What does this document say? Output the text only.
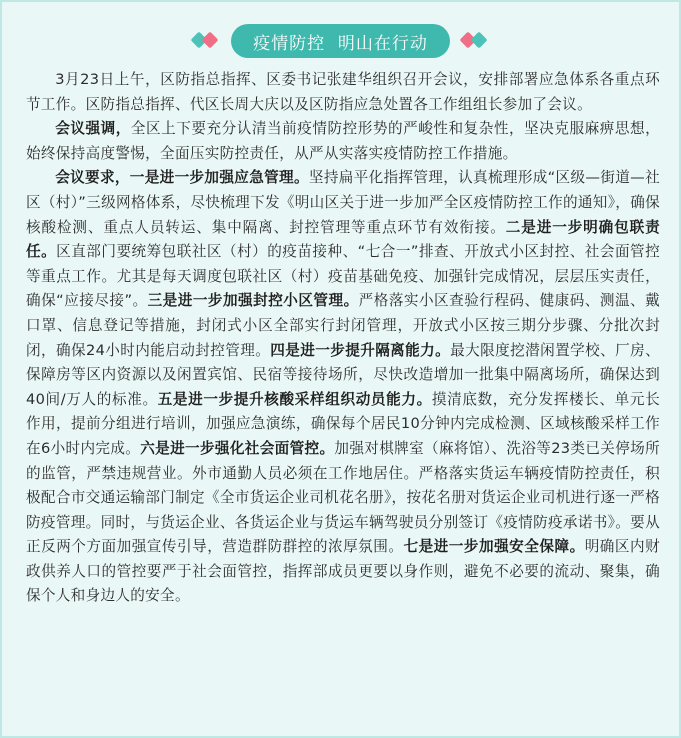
疫情防控  明山在行动

3月23日上午，区防指总指挥、区委书记张建华组织召开会议，安排部署应急体系各重点环节工作。区防指总指挥、代区长周大庆以及区防指应急处置各工作组组长参加了会议。

会议强调，全区上下要充分认清当前疫情防控形势的严峻性和复杂性，坚决克服麻痹思想，始终保持高度警惕，全面压实防控责任，从严从实落实疫情防控工作措施。

会议要求，一是进一步加强应急管理。坚持扁平化指挥管理，认真梳理形成“区级—街道—社区（村）”三级网格体系，尽快梳理下发《明山区关于进一步加严全区疫情防控工作的通知》，确保核酸检测、重点人员转运、集中隔离、封控管理等重点环节有效衔接。二是进一步明确包联责任。区直部门要统筹包联社区（村）的疫苗接种、“七合一”排查、开放式小区封控、社会面管控等重点工作。尤其是每天调度包联社区（村）疫苗基础免疫、加强针完成情况，层层压实责任，确保“应接尽接”。三是进一步加强封控小区管理。严格落实小区查验行程码、健康码、测温、戴口罩、信息登记等措施，封闭式小区全部实行封闭管理，开放式小区按三期分步骤、分批次封闭，确保24小时内能启动封控管理。四是进一步提升隔离能力。最大限度挖潜闲置学校、厂房、保障房等区内资源以及闲置宾馆、民宿等接待场所，尽快改造增加一批集中隔离场所，确保达到40间/万人的标准。五是进一步提升核酸采样组织动员能力。摸清底数，充分发挥楼长、单元长作用，提前分组进行培训，加强应急演练，确保每个居民10分钟内完成检测、区域核酸采样工作在6小时内完成。六是进一步强化社会面管控。加强对棋牌室（麻将馆）、洗浴等23类已关停场所的监管，严禁违规营业。外市通勤人员必须在工作地居住。严格落实货运车辆疫情防控责任，积极配合市交通运输部门制定《全市货运企业司机花名册》，按花名册对货运企业司机进行逐一严格防疫管理。同时，与货运企业、各货运企业与货运车辆驾驶员分别签订《疫情防疫承诺书》。要从正反两个方面加强宣传引导，营造群防群控的浓厚氛围。七是进一步加强安全保障。明确区内财政供养人口的管控要严于社会面管控，指挥部成员更要以身作则，避免不必要的流动、聚集，确保个人和身边人的安全。
